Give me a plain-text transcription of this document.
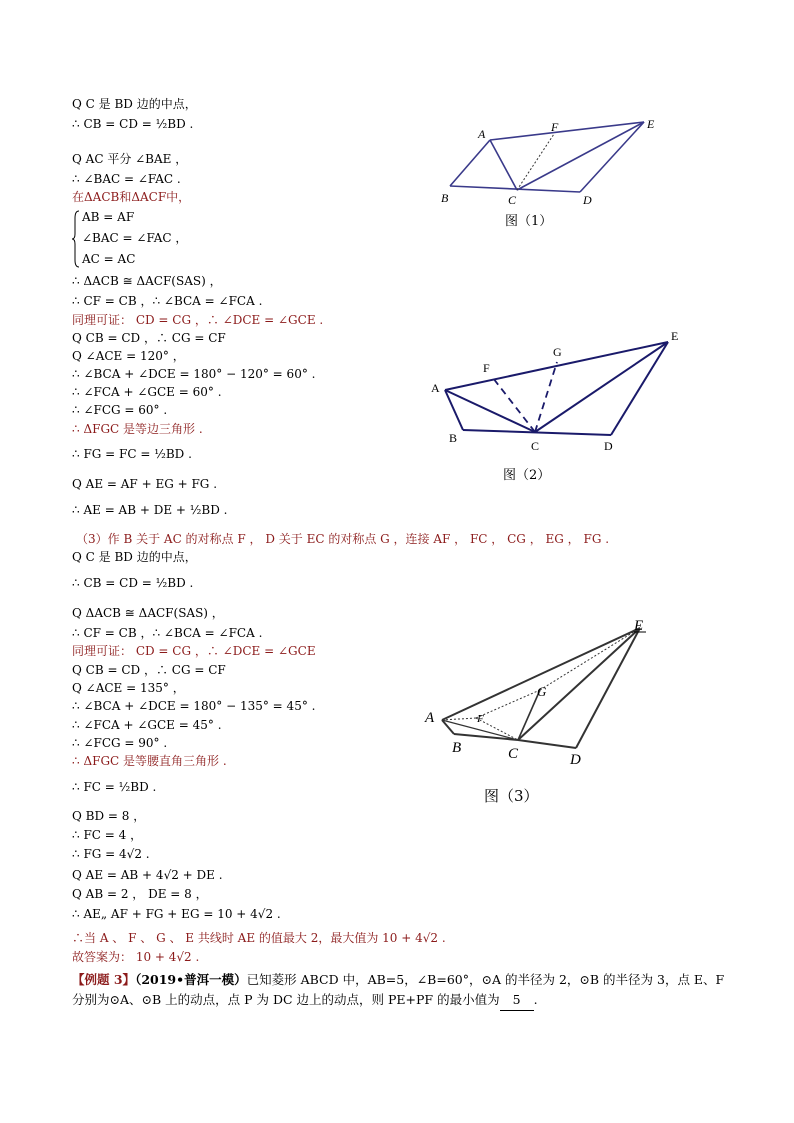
Q C 是 BD 边的中点，
∴ CB = CD = ½BD .
Q AC 平分 ∠BAE ，
∴ ∠BAC = ∠FAC .
在ΔACB和ΔACF中，
AB = AF
∠BAC = ∠FAC ，
AC = AC
∴ ΔACB ≅ ΔACF(SAS) ，
∴ CF = CB ，∴ ∠BCA = ∠FCA .
同理可证： CD = CG ，∴ ∠DCE = ∠GCE .
Q CB = CD ，∴ CG = CF
Q ∠ACE = 120° ，
∴ ∠BCA + ∠DCE = 180° − 120° = 60° .
∴ ∠FCA + ∠GCE = 60° .
∴ ∠FCG = 60° .
∴ ΔFGC 是等边三角形 .
∴ FG = FC = ½BD .
Q AE = AF + EG + FG .
∴ AE = AB + DE + ½BD .
（3）作 B 关于 AC 的对称点 F ， D 关于 EC 的对称点 G ，连接 AF ， FC ， CG ， EG ， FG .
Q C 是 BD 边的中点，
∴ CB = CD = ½BD .
Q ΔACB ≅ ΔACF(SAS) ，
∴ CF = CB ，∴ ∠BCA = ∠FCA .
同理可证： CD = CG ，∴ ∠DCE = ∠GCE
Q CB = CD ，∴ CG = CF
Q ∠ACE = 135° ，
∴ ∠BCA + ∠DCE = 180° − 135° = 45° .
∴ ∠FCA + ∠GCE = 45° .
∴ ∠FCG = 90° .
∴ ΔFGC 是等腰直角三角形 .
∴ FC = ½BD .
Q BD = 8 ，
∴ FC = 4 ，
∴ FG = 4√2 .
Q AE = AB + 4√2 + DE .
Q AB = 2 ， DE = 8 ，
∴ AE„ AF + FG + EG = 10 + 4√2 .
∴当 A 、 F 、 G 、 E 共线时 AE 的值最大 2，最大值为 10 + 4√2 .
故答案为： 10 + 4√2 .
A	F	E
B	C	D
图（1）
E
G
F
A
B
C	D
图（2）
E
G
F
A
B	C	D
图（3）
【例题 3】（2019•普洱一模）已知菱形 ABCD 中，AB=5，∠B=60°，⊙A 的半径为 2，⊙B 的半径为 3，点 E、F 分别为⊙A、⊙B 上的动点，点 P 为 DC 边上的动点，则 PE+PF 的最小值为 5 .
